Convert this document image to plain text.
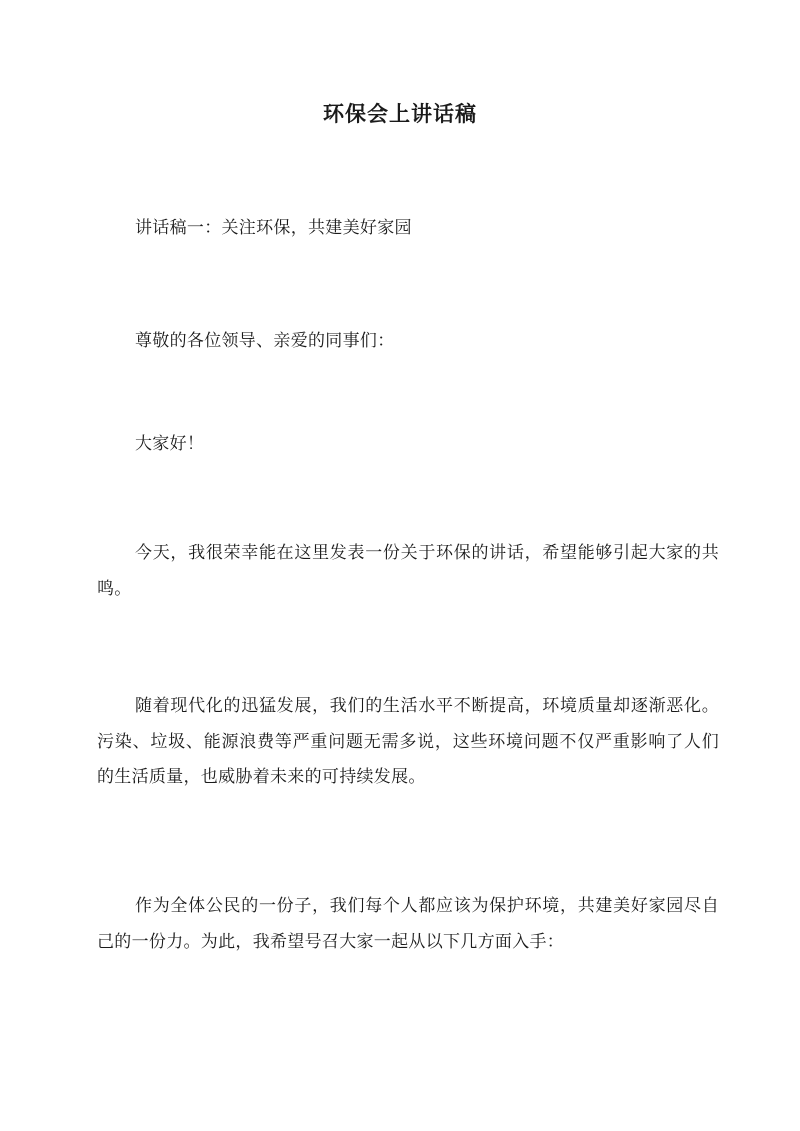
环保会上讲话稿

讲话稿一：关注环保，共建美好家园

尊敬的各位领导、亲爱的同事们：

大家好！

今天，我很荣幸能在这里发表一份关于环保的讲话，希望能够引起大家的共鸣。

随着现代化的迅猛发展，我们的生活水平不断提高，环境质量却逐渐恶化。污染、垃圾、能源浪费等严重问题无需多说，这些环境问题不仅严重影响了人们的生活质量，也威胁着未来的可持续发展。

作为全体公民的一份子，我们每个人都应该为保护环境，共建美好家园尽自己的一份力。为此，我希望号召大家一起从以下几方面入手：
